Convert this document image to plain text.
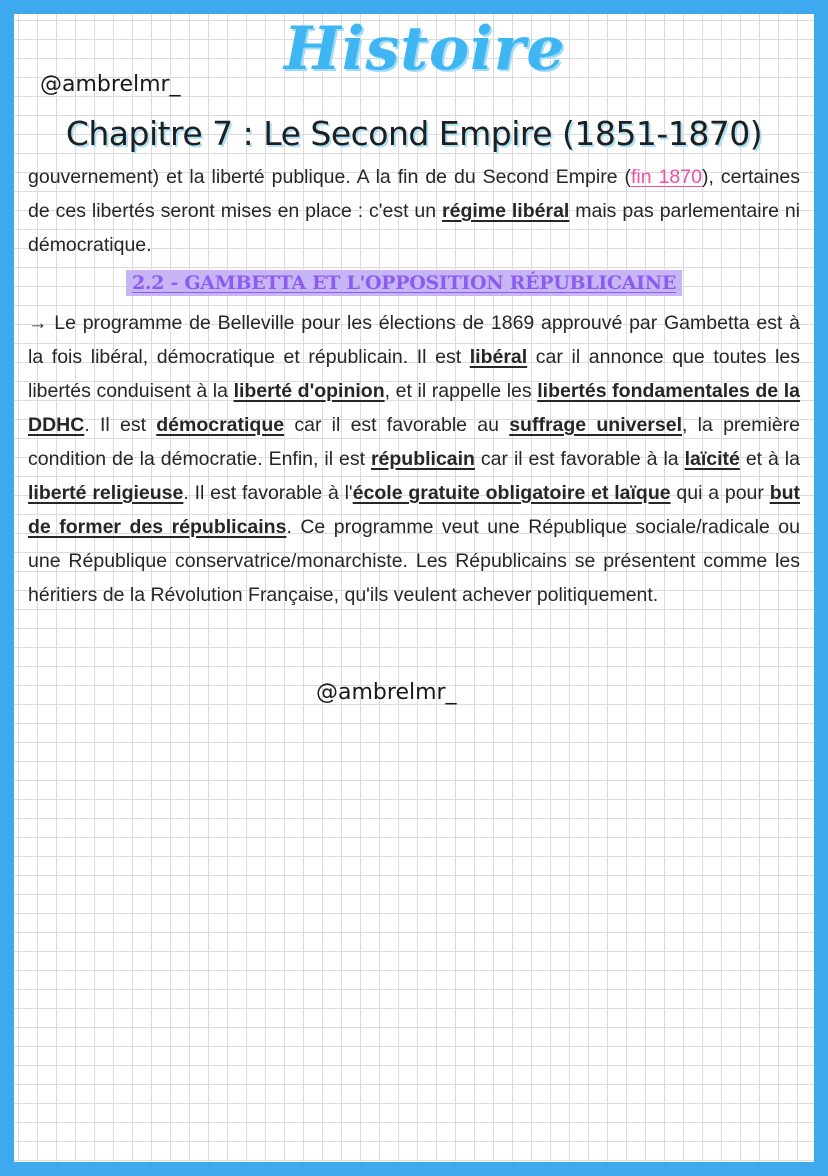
@ambrelmr_
Histoire
Chapitre 7 : Le Second Empire (1851-1870)
gouvernement) et la liberté publique. A la fin de du Second Empire (fin 1870), certaines de ces libertés seront mises en place : c'est un régime libéral mais pas parlementaire ni démocratique.
2.2 - GAMBETTA ET L'OPPOSITION RÉPUBLICAINE
→ Le programme de Belleville pour les élections de 1869 approuvé par Gambetta est à la fois libéral, démocratique et républicain. Il est libéral car il annonce que toutes les libertés conduisent à la liberté d'opinion, et il rappelle les libertés fondamentales de la DDHC. Il est démocratique car il est favorable au suffrage universel, la première condition de la démocratie. Enfin, il est républicain car il est favorable à la laïcité et à la liberté religieuse. Il est favorable à l'école gratuite obligatoire et laïque qui a pour but de former des républicains. Ce programme veut une République sociale/radicale ou une République conservatrice/monarchiste. Les Républicains se présentent comme les héritiers de la Révolution Française, qu'ils veulent achever politiquement.
@ambrelmr_
